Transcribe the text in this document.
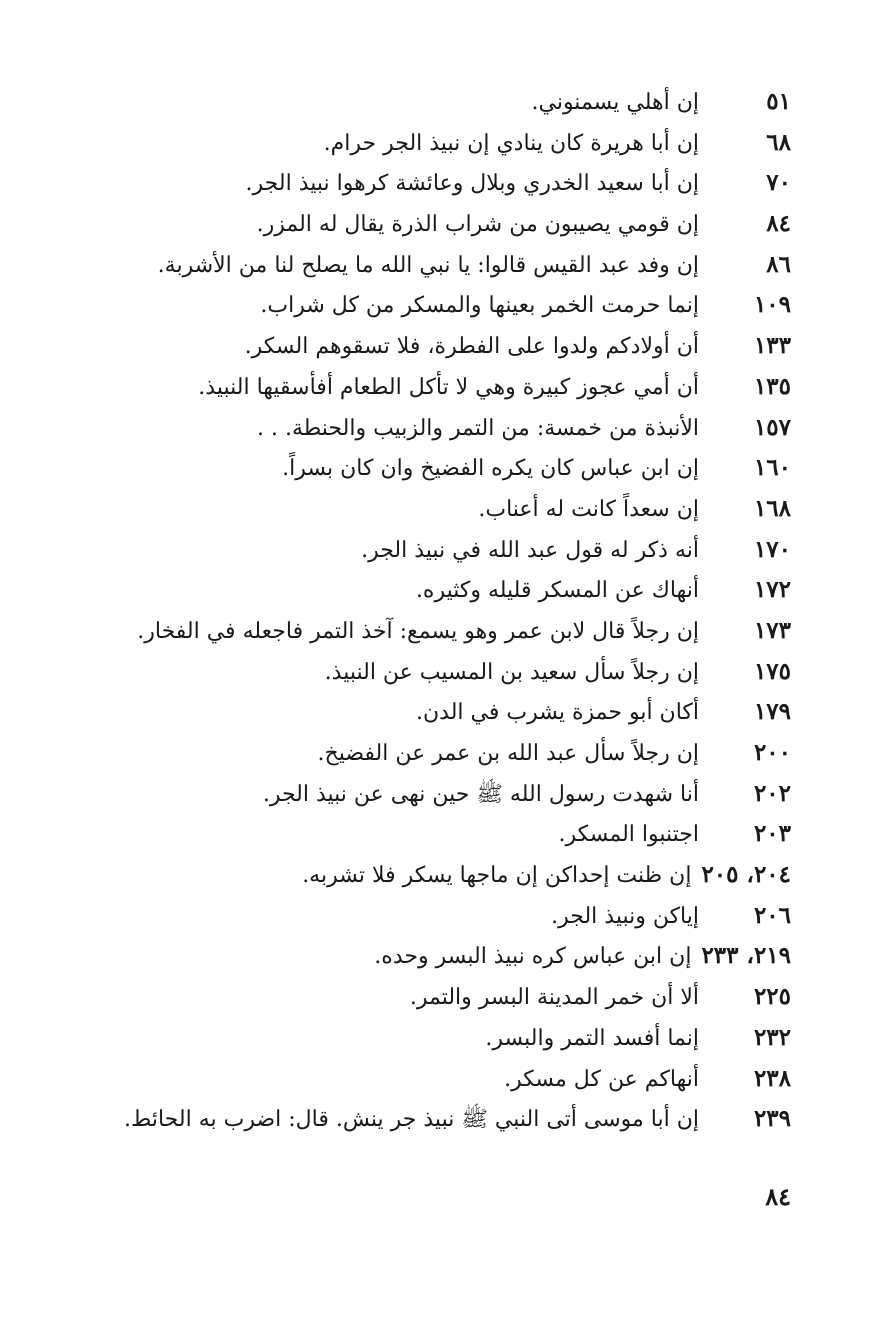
٥١
إن أهلي يسمنوني.
٦٨
إن أبا هريرة كان ينادي إن نبيذ الجر حرام.
٧٠
إن أبا سعيد الخدري وبلال وعائشة كرهوا نبيذ الجر.
٨٤
إن قومي يصيبون من شراب الذرة يقال له المزر.
٨٦
إن وفد عبد القيس قالوا: يا نبي الله ما يصلح لنا من الأشربة.
١٠٩
إنما حرمت الخمر بعينها والمسكر من كل شراب.
١٣٣
أن أولادكم ولدوا على الفطرة، فلا تسقوهم السكر.
١٣٥
أن أمي عجوز كبيرة وهي لا تأكل الطعام أفأسقيها النبيذ.
١٥٧
الأنبذة من خمسة: من التمر والزبيب والحنطة. . .
١٦٠
إن ابن عباس كان يكره الفضيخ وان كان بسراً.
١٦٨
إن سعداً كانت له أعناب.
١٧٠
أنه ذكر له قول عبد الله في نبيذ الجر.
١٧٢
أنهاك عن المسكر قليله وكثيره.
١٧٣
إن رجلاً قال لابن عمر وهو يسمع: آخذ التمر فاجعله في الفخار.
١٧٥
إن رجلاً سأل سعيد بن المسيب عن النبيذ.
١٧٩
أكان أبو حمزة يشرب في الدن.
٢٠٠
إن رجلاً سأل عبد الله بن عمر عن الفضيخ.
٢٠٢
أنا شهدت رسول الله ﷺ حين نهى عن نبيذ الجر.
٢٠٣
اجتنبوا المسكر.
٢٠٤، ٢٠٥
إن ظنت إحداكن إن ماجها يسكر فلا تشربه.
٢٠٦
إياكن ونبيذ الجر.
٢١٩، ٢٣٣
إن ابن عباس كره نبيذ البسر وحده.
٢٢٥
ألا أن خمر المدينة البسر والتمر.
٢٣٢
إنما أفسد التمر والبسر.
٢٣٨
أنهاكم عن كل مسكر.
٢٣٩
إن أبا موسى أتى النبي ﷺ نبيذ جر ينش. قال: اضرب به الحائط.
٨٤
